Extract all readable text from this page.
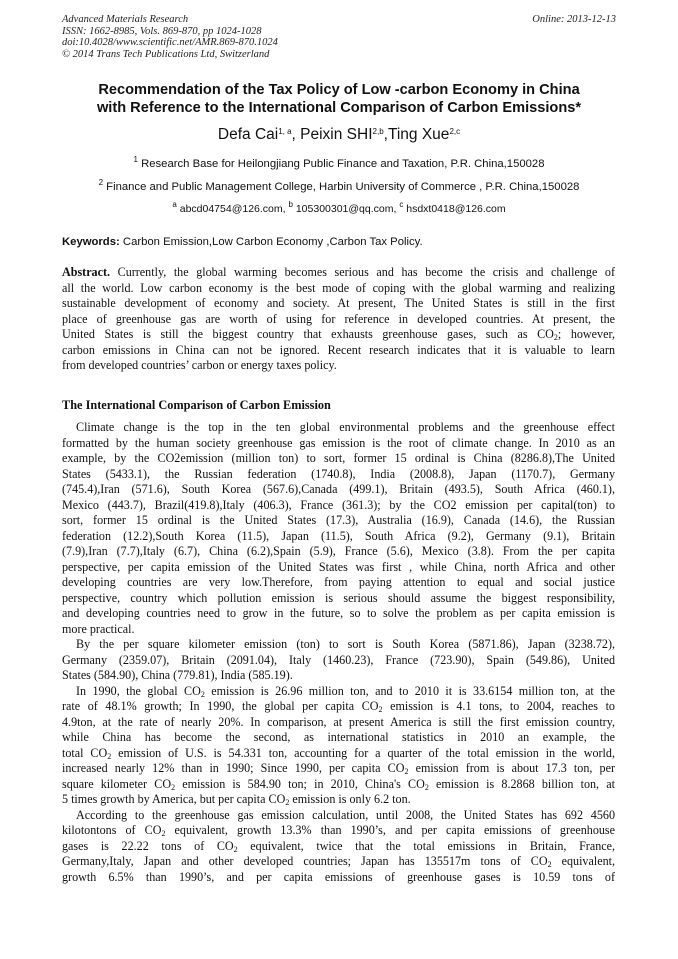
Advanced Materials Research
ISSN: 1662-8985, Vols. 869-870, pp 1024-1028
doi:10.4028/www.scientific.net/AMR.869-870.1024
© 2014 Trans Tech Publications Ltd, Switzerland
Online: 2013-12-13
Recommendation of the Tax Policy of Low -carbon Economy in China
with Reference to the International Comparison of Carbon Emissions*
Defa Cai$^{1, a}$, Peixin SHI$^{2,b}$,Ting Xue$^{2,c}$
$^1$ Research Base for Heilongjiang Public Finance and Taxation, P.R. China,150028
$^2$ Finance and Public Management College, Harbin University of Commerce , P.R. China,150028
$^a$ abcd04754@126.com, $^b$ 105300301@qq.com, $^c$ hsdxt0418@126.com
Keywords: Carbon Emission,Low Carbon Economy ,Carbon Tax Policy.
Abstract. Currently, the global warming becomes serious and has become the crisis and challenge of
all the world. Low carbon economy is the best mode of coping with the global warming and realizing
sustainable development of economy and society. At present, The United States is still in the first
place of greenhouse gas are worth of using for reference in developed countries. At present, the
United States is still the biggest country that exhausts greenhouse gases, such as $CO_2$; however,
carbon emissions in China can not be ignored. Recent research indicates that it is valuable to learn
from developed countries’ carbon or energy taxes policy.
The International Comparison of Carbon Emission
Climate change is the top in the ten global environmental problems and the greenhouse effect
formatted by the human society greenhouse gas emission is the root of climate change. In 2010 as an
example, by the CO2emission (million ton) to sort, former 15 ordinal is China (8286.8),The United
States (5433.1), the Russian federation (1740.8), India (2008.8), Japan (1170.7), Germany
(745.4),Iran (571.6), South Korea (567.6),Canada (499.1), Britain (493.5), South Africa (460.1),
Mexico (443.7), Brazil(419.8),Italy (406.3), France (361.3); by the CO2 emission per capital(ton) to
sort, former 15 ordinal is the United States (17.3), Australia (16.9), Canada (14.6), the Russian
federation (12.2),South Korea (11.5), Japan (11.5), South Africa (9.2), Germany (9.1), Britain
(7.9),Iran (7.7),Italy (6.7), China (6.2),Spain (5.9), France (5.6), Mexico (3.8). From the per capita
perspective, per capita emission of the United States was first , while China, north Africa and other
developing countries are very low.Therefore, from paying attention to equal and social justice
perspective, country which pollution emission is serious should assume the biggest responsibility,
and developing countries need to grow in the future, so to solve the problem as per capita emission is
more practical.
By the per square kilometer emission (ton) to sort is South Korea (5871.86), Japan (3238.72),
Germany (2359.07), Britain (2091.04), Italy (1460.23), France (723.90), Spain (549.86), United
States (584.90), China (779.81), India (585.19).
In 1990, the global $CO_2$ emission is 26.96 million ton, and to 2010 it is 33.6154 million ton, at the
rate of 48.1% growth; In 1990, the global per capita $CO_2$ emission is 4.1 tons, to 2004, reaches to
4.9ton, at the rate of nearly 20%. In comparison, at present America is still the first emission country,
while China has become the second, as international statistics in 2010 an example, the
total $CO_2$ emission of U.S. is 54.331 ton, accounting for a quarter of the total emission in the world,
increased nearly 12% than in 1990; Since 1990, per capita $CO_2$ emission from is about 17.3 ton, per
square kilometer $CO_2$ emission is 584.90 ton; in 2010, China's $CO_2$ emission is 8.2868 billion ton, at
5 times growth by America, but per capita $CO_2$ emission is only 6.2 ton.
According to the greenhouse gas emission calculation, until 2008, the United States has 692 4560
kilotontons of $CO_2$ equivalent, growth 13.3% than 1990’s, and per capita emissions of greenhouse
gases is 22.22 tons of $CO_2$ equivalent, twice that the total emissions in Britain, France,
Germany,Italy, Japan and other developed countries; Japan has 135517m tons of $CO_2$ equivalent,
growth 6.5% than 1990’s, and per capita emissions of greenhouse gases is 10.59 tons of
